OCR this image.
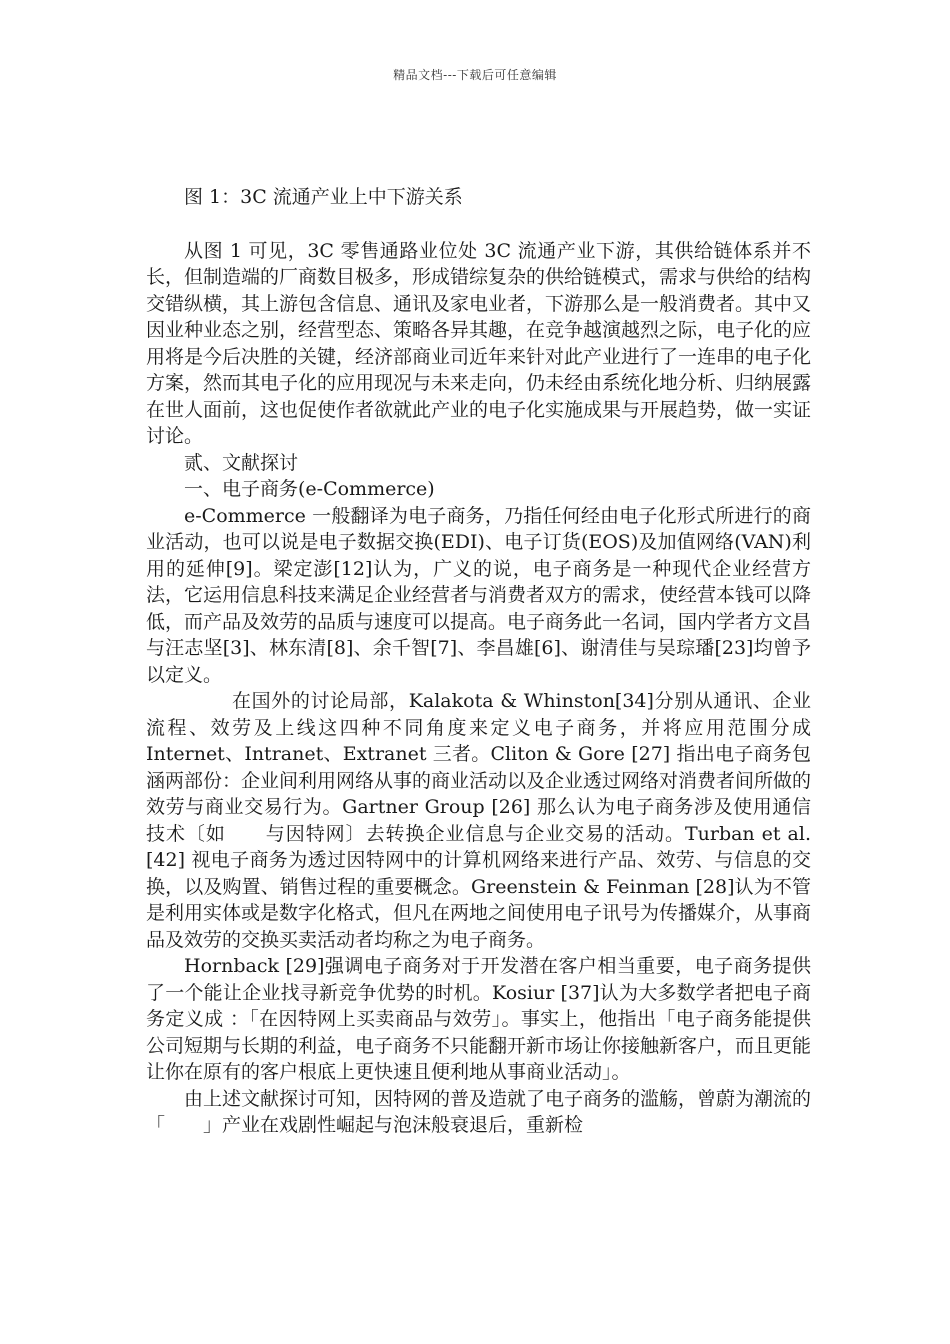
精品文档---下载后可任意编辑

图 1：3C 流通产业上中下游关系

从图 1 可见，3C 零售通路业位处 3C 流通产业下游，其供给链体系并不长，但制造端的厂商数目极多，形成错综复杂的供给链模式，需求与供给的结构交错纵横，其上游包含信息、通讯及家电业者，下游那么是一般消费者。其中又因业种业态之别，经营型态、策略各异其趣，在竞争越演越烈之际，电子化的应用将是今后决胜的关键，经济部商业司近年来针对此产业进行了一连串的电子化方案，然而其电子化的应用现况与未来走向，仍未经由系统化地分析、归纳展露在世人面前，这也促使作者欲就此产业的电子化实施成果与开展趋势，做一实证讨论。

贰、文献探讨

一、电子商务(e-Commerce)

e-Commerce 一般翻译为电子商务，乃指任何经由电子化形式所进行的商业活动，也可以说是电子数据交换(EDI)、电子订货(EOS)及加值网络(VAN)利用的延伸[9]。梁定澎[12]认为，广义的说，电子商务是一种现代企业经营方法，它运用信息科技来满足企业经营者与消费者双方的需求，使经营本钱可以降低，而产品及效劳的品质与速度可以提高。电子商务此一名词，国内学者方文昌与汪志坚[3]、林东清[8]、余千智[7]、李昌雄[6]、谢清佳与吴琮璠[23]均曾予以定义。

在国外的讨论局部，Kalakota & Whinston[34]分别从通讯、企业流程、效劳及上线这四种不同角度来定义电子商务，并将应用范围分成 Internet、Intranet、Extranet 三者。Cliton & Gore [27] 指出电子商务包涵两部份：企业间利用网络从事的商业活动以及企业透过网络对消费者间所做的效劳与商业交易行为。Gartner Group [26] 那么认为电子商务涉及使用通信技术〔如　　与因特网〕去转换企业信息与企业交易的活动。Turban et al. [42] 视电子商务为透过因特网中的计算机网络来进行产品、效劳、与信息的交换，以及购置、销售过程的重要概念。Greenstein & Feinman [28]认为不管是利用实体或是数字化格式，但凡在两地之间使用电子讯号为传播媒介，从事商品及效劳的交换买卖活动者均称之为电子商务。

Hornback [29]强调电子商务对于开发潜在客户相当重要，电子商务提供了一个能让企业找寻新竞争优势的时机。Kosiur [37]认为大多数学者把电子商务定义成 ：「在因特网上买卖商品与效劳」。事实上，他指出「电子商务能提供公司短期与长期的利益，电子商务不只能翻开新市场让你接触新客户，而且更能让你在原有的客户根底上更快速且便利地从事商业活动」。

由上述文献探讨可知，因特网的普及造就了电子商务的滥觞，曾蔚为潮流的「　　」产业在戏剧性崛起与泡沫般衰退后，重新检
